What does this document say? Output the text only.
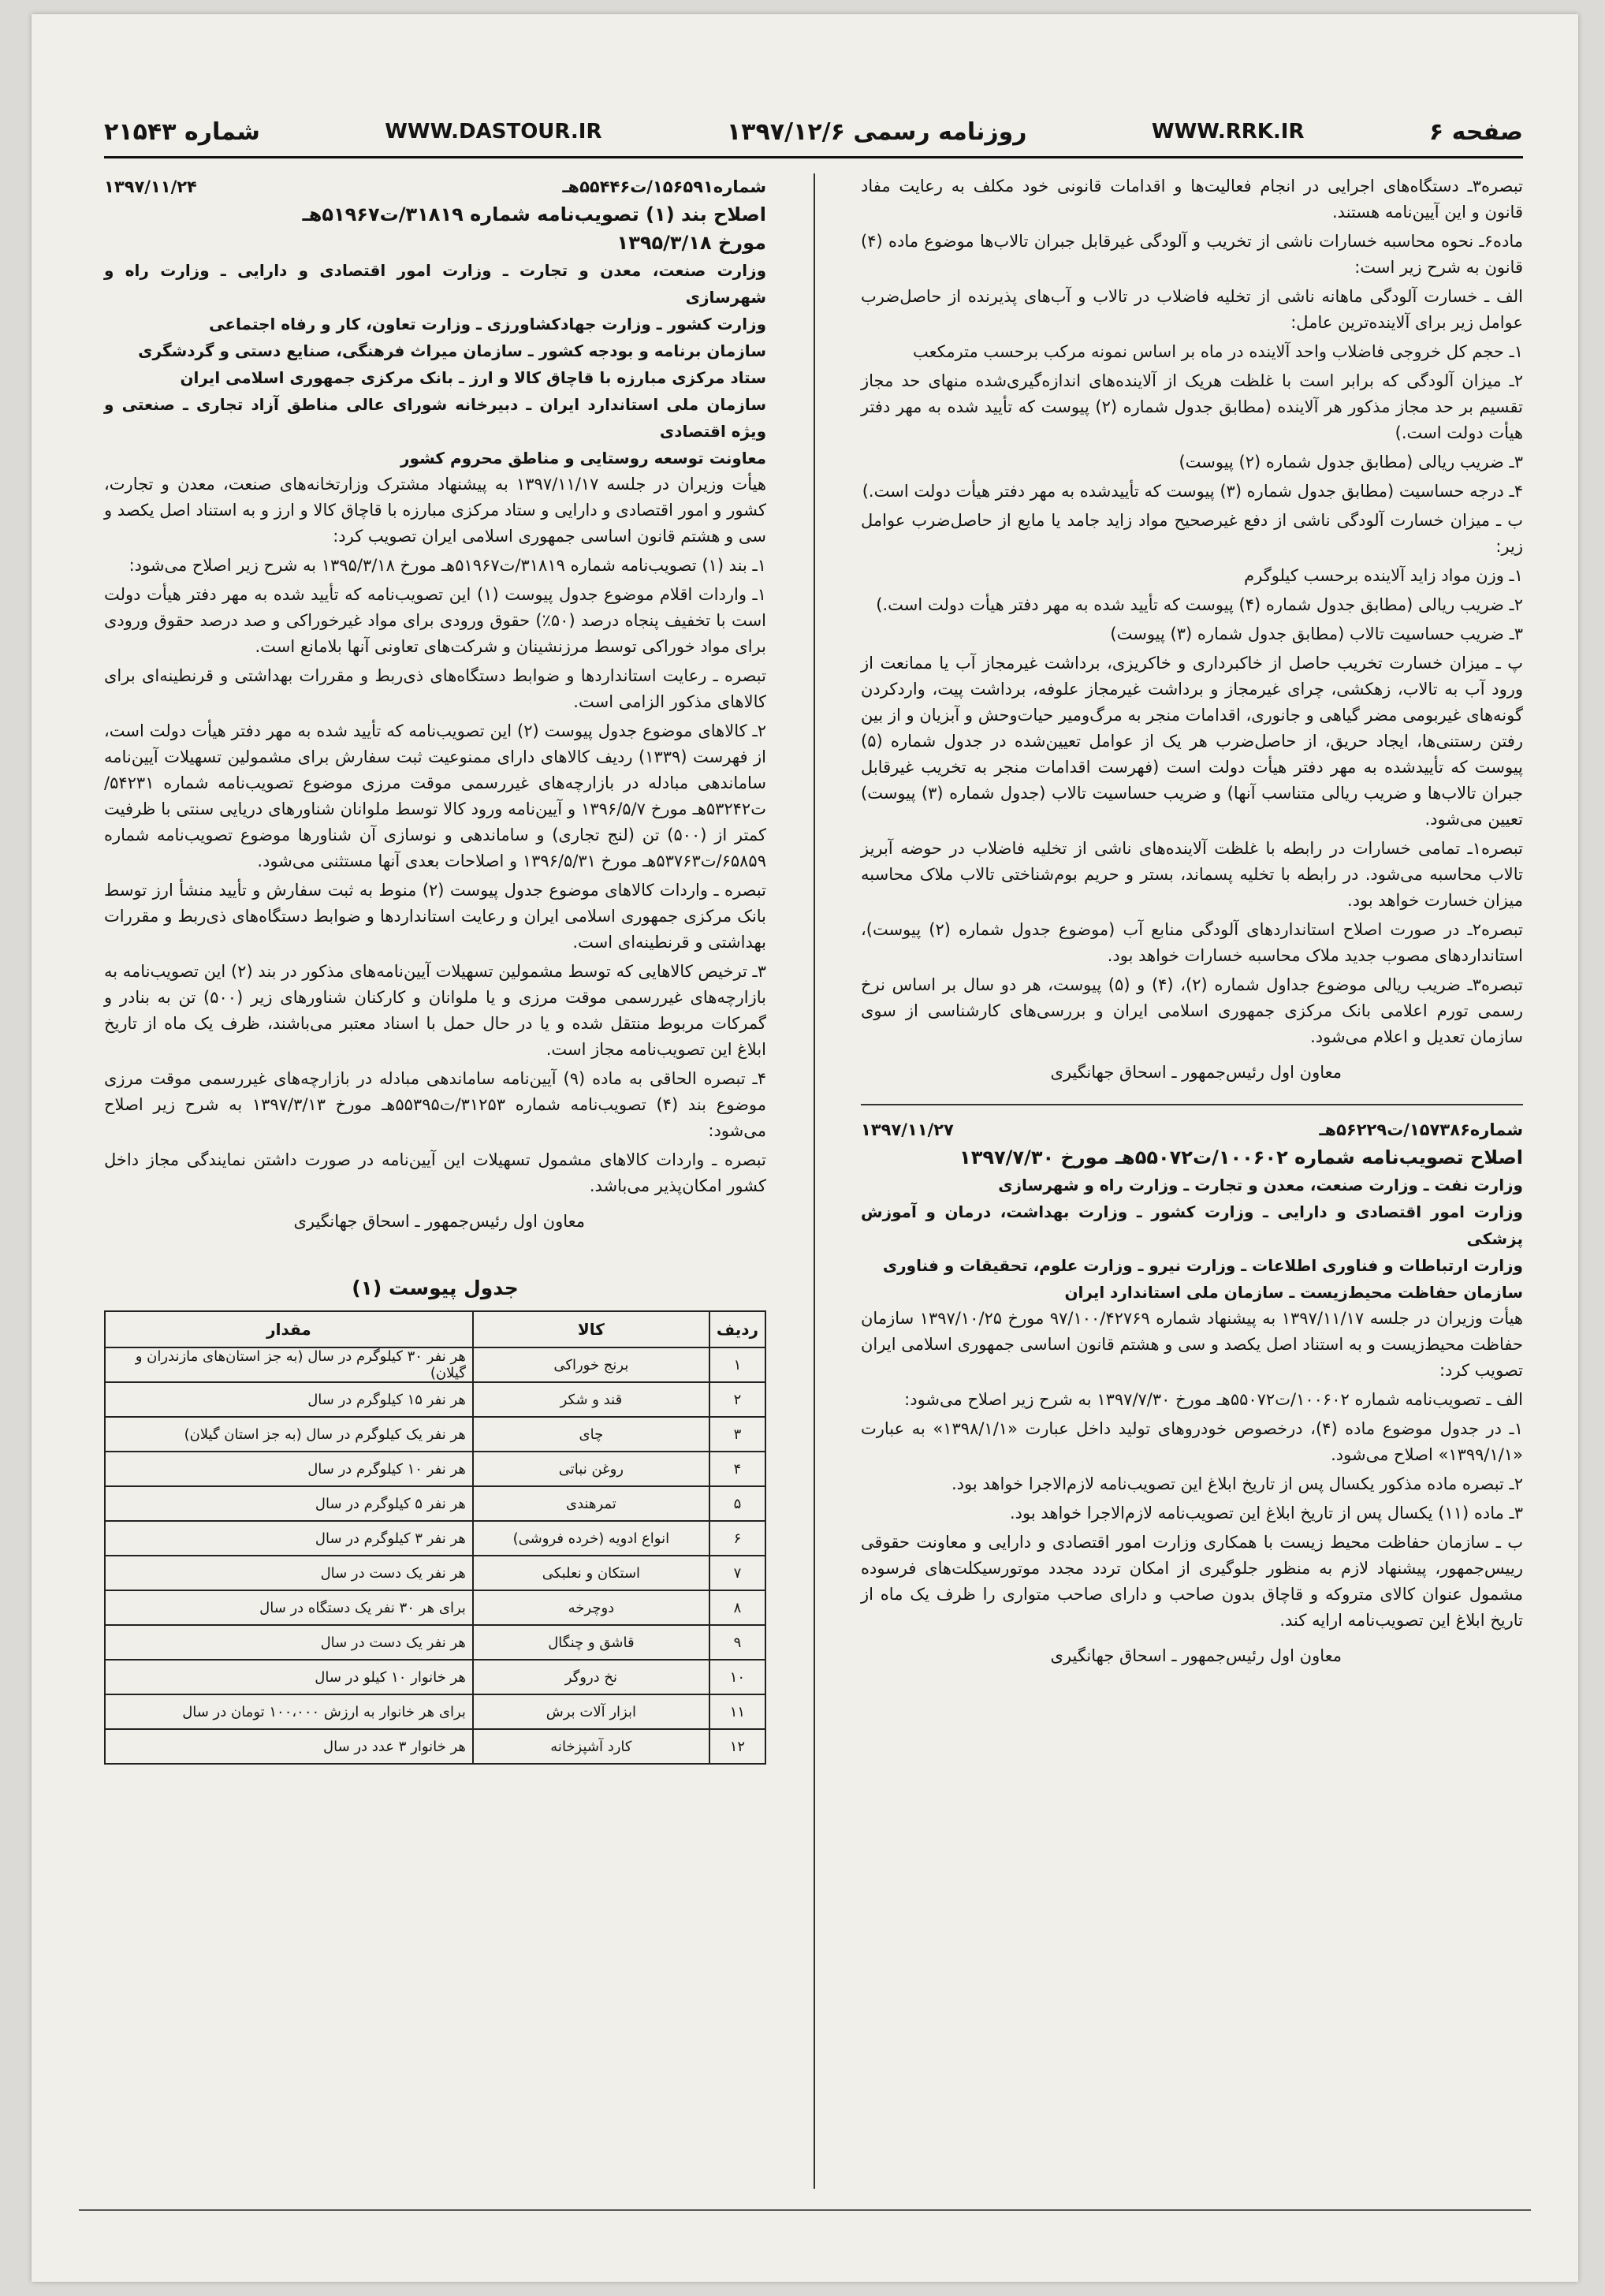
صفحه ۶
WWW.RRK.IR
روزنامه رسمی ۱۳۹۷/۱۲/۶
WWW.DASTOUR.IR
شماره ۲۱۵۴۳

تبصره۳ـ دستگاه‌های اجرایی در انجام فعالیت‌ها و اقدامات قانونی خود مکلف به رعایت مفاد قانون و این آیین‌نامه هستند.

ماده۶ـ نحوه محاسبه خسارات ناشی از تخریب و آلودگی غیرقابل جبران تالاب‌ها موضوع ماده (۴) قانون به شرح زیر است:

الف ـ خسارت آلودگی ماهانه ناشی از تخلیه فاضلاب در تالاب و آب‌های پذیرنده از حاصل‌ضرب عوامل زیر برای آلاینده‌ترین عامل:

۱ـ حجم کل خروجی فاضلاب واحد آلاینده در ماه بر اساس نمونه مرکب برحسب مترمکعب

۲ـ میزان آلودگی که برابر است با غلظت هریک از آلاینده‌های اندازه‌گیری‌شده منهای حد مجاز تقسیم بر حد مجاز مذکور هر آلاینده (مطابق جدول شماره (۲) پیوست که تأیید شده به مهر دفتر هیأت دولت است.)

۳ـ ضریب ریالی (مطابق جدول شماره (۲) پیوست)

۴ـ درجه حساسیت (مطابق جدول شماره (۳) پیوست که تأییدشده به مهر دفتر هیأت دولت است.)

ب ـ میزان خسارت آلودگی ناشی از دفع غیرصحیح مواد زاید جامد یا مایع از حاصل‌ضرب عوامل زیر:

۱ـ وزن مواد زاید آلاینده برحسب کیلوگرم

۲ـ ضریب ریالی (مطابق جدول شماره (۴) پیوست که تأیید شده به مهر دفتر هیأت دولت است.)

۳ـ ضریب حساسیت تالاب (مطابق جدول شماره (۳) پیوست)

پ ـ میزان خسارت تخریب حاصل از خاکبرداری و خاکریزی، برداشت غیرمجاز آب یا ممانعت از ورود آب به تالاب، زهکشی، چرای غیرمجاز و برداشت غیرمجاز علوفه، برداشت پیت، واردکردن گونه‌های غیربومی مضر گیاهی و جانوری، اقدامات منجر به مرگ‌ومیر حیات‌وحش و آبزیان و از بین رفتن رستنی‌ها، ایجاد حریق، از حاصل‌ضرب هر یک از عوامل تعیین‌شده در جدول شماره (۵) پیوست که تأییدشده به مهر دفتر هیأت دولت است (فهرست اقدامات منجر به تخریب غیرقابل جبران تالاب‌ها و ضریب ریالی متناسب آنها) و ضریب حساسیت تالاب (جدول شماره (۳) پیوست) تعیین می‌شود.

تبصره۱ـ تمامی خسارات در رابطه با غلظت آلاینده‌های ناشی از تخلیه فاضلاب در حوضه آبریز تالاب محاسبه می‌شود. در رابطه با تخلیه پسماند، بستر و حریم بوم‌شناختی تالاب ملاک محاسبه میزان خسارت خواهد بود.

تبصره۲ـ در صورت اصلاح استانداردهای آلودگی منابع آب (موضوع جدول شماره (۲) پیوست)، استانداردهای مصوب جدید ملاک محاسبه خسارات خواهد بود.

تبصره۳ـ ضریب ریالی موضوع جداول شماره (۲)، (۴) و (۵) پیوست، هر دو سال بر اساس نرخ رسمی تورم اعلامی بانک مرکزی جمهوری اسلامی ایران و بررسی‌های کارشناسی از سوی سازمان تعدیل و اعلام می‌شود.

معاون اول رئیس‌جمهور ـ اسحاق جهانگیری

شماره۱۵۷۳۸۶/ت۵۶۲۲۹هـ
۱۳۹۷/۱۱/۲۷

اصلاح تصویب‌نامه شماره ۱۰۰۶۰۲/ت۵۵۰۷۲هـ مورخ ۱۳۹۷/۷/۳۰

وزارت نفت ـ وزارت صنعت، معدن و تجارت ـ وزارت راه و شهرسازی

وزارت امور اقتصادی و دارایی ـ وزارت کشور ـ وزارت بهداشت، درمان و آموزش پزشکی

وزارت ارتباطات و فناوری اطلاعات ـ وزارت نیرو ـ وزارت علوم، تحقیقات و فناوری

سازمان حفاظت محیط‌زیست ـ سازمان ملی استاندارد ایران

هیأت وزیران در جلسه ۱۳۹۷/۱۱/۱۷ به پیشنهاد شماره ۹۷/۱۰۰/۴۲۷۶۹ مورخ ۱۳۹۷/۱۰/۲۵ سازمان حفاظت محیط‌زیست و به استناد اصل یکصد و سی و هشتم قانون اساسی جمهوری اسلامی ایران تصویب کرد:

الف ـ تصویب‌نامه شماره ۱۰۰۶۰۲/ت۵۵۰۷۲هـ مورخ ۱۳۹۷/۷/۳۰ به شرح زیر اصلاح می‌شود:

۱ـ در جدول موضوع ماده (۴)، درخصوص خودروهای تولید داخل عبارت «۱۳۹۸/۱/۱» به عبارت «۱۳۹۹/۱/۱» اصلاح می‌شود.

۲ـ تبصره ماده مذکور یکسال پس از تاریخ ابلاغ این تصویب‌نامه لازم‌الاجرا خواهد بود.

۳ـ ماده (۱۱) یکسال پس از تاریخ ابلاغ این تصویب‌نامه لازم‌الاجرا خواهد بود.

ب ـ سازمان حفاظت محیط زیست با همکاری وزارت امور اقتصادی و دارایی و معاونت حقوقی رییس‌جمهور، پیشنهاد لازم به منظور جلوگیری از امکان تردد مجدد موتورسیکلت‌های فرسوده مشمول عنوان کالای متروکه و قاچاق بدون صاحب و دارای صاحب متواری را ظرف یک ماه از تاریخ ابلاغ این تصویب‌نامه ارایه کند.

معاون اول رئیس‌جمهور ـ اسحاق جهانگیری

شماره۱۵۶۵۹۱/ت۵۵۴۴۶هـ
۱۳۹۷/۱۱/۲۴

اصلاح بند (۱) تصویب‌نامه شماره ۳۱۸۱۹/ت۵۱۹۶۷هـ

مورخ ۱۳۹۵/۳/۱۸

وزارت صنعت، معدن و تجارت ـ وزارت امور اقتصادی و دارایی ـ وزارت راه و شهرسازی

وزارت کشور ـ وزارت جهادکشاورزی ـ وزارت تعاون، کار و رفاه اجتماعی

سازمان برنامه و بودجه کشور ـ سازمان میراث فرهنگی، صنایع دستی و گردشگری

ستاد مرکزی مبارزه با قاچاق کالا و ارز ـ بانک مرکزی جمهوری اسلامی ایران

سازمان ملی استاندارد ایران ـ دبیرخانه شورای عالی مناطق آزاد تجاری ـ صنعتی و ویژه اقتصادی

معاونت توسعه روستایی و مناطق محروم کشور

هیأت وزیران در جلسه ۱۳۹۷/۱۱/۱۷ به پیشنهاد مشترک وزارتخانه‌های صنعت، معدن و تجارت، کشور و امور اقتصادی و دارایی و ستاد مرکزی مبارزه با قاچاق کالا و ارز و به استناد اصل یکصد و سی و هشتم قانون اساسی جمهوری اسلامی ایران تصویب کرد:

۱ـ بند (۱) تصویب‌نامه شماره ۳۱۸۱۹/ت۵۱۹۶۷هـ مورخ ۱۳۹۵/۳/۱۸ به شرح زیر اصلاح می‌شود:

۱ـ واردات اقلام موضوع جدول پیوست (۱) این تصویب‌نامه که تأیید شده به مهر دفتر هیأت دولت است با تخفیف پنجاه درصد (۵۰٪) حقوق ورودی برای مواد غیرخوراکی و صد درصد حقوق ورودی برای مواد خوراکی توسط مرزنشینان و شرکت‌های تعاونی آنها بلامانع است.

تبصره ـ رعایت استانداردها و ضوابط دستگاه‌های ذی‌ربط و مقررات بهداشتی و قرنطینه‌ای برای کالاهای مذکور الزامی است.

۲ـ کالاهای موضوع جدول پیوست (۲) این تصویب‌نامه که تأیید شده به مهر دفتر هیأت دولت است، از فهرست (۱۳۳۹) ردیف کالاهای دارای ممنوعیت ثبت سفارش برای مشمولین تسهیلات آیین‌نامه ساماندهی مبادله در بازارچه‌های غیررسمی موقت مرزی موضوع تصویب‌نامه شماره ۵۴۲۳۱/ت۵۳۲۴۲هـ مورخ ۱۳۹۶/۵/۷ و آیین‌نامه ورود کالا توسط ملوانان شناورهای دریایی سنتی با ظرفیت کمتر از (۵۰۰) تن (لنج تجاری) و ساماندهی و نوسازی آن شناورها موضوع تصویب‌نامه شماره ۶۵۸۵۹/ت۵۳۷۶۳هـ مورخ ۱۳۹۶/۵/۳۱ و اصلاحات بعدی آنها مستثنی می‌شود.

تبصره ـ واردات کالاهای موضوع جدول پیوست (۲) منوط به ثبت سفارش و تأیید منشأ ارز توسط بانک مرکزی جمهوری اسلامی ایران و رعایت استانداردها و ضوابط دستگاه‌های ذی‌ربط و مقررات بهداشتی و قرنطینه‌ای است.

۳ـ ترخیص کالاهایی که توسط مشمولین تسهیلات آیین‌نامه‌های مذکور در بند (۲) این تصویب‌نامه به بازارچه‌های غیررسمی موقت مرزی و یا ملوانان و کارکنان شناورهای زیر (۵۰۰) تن به بنادر و گمرکات مربوط منتقل شده و یا در حال حمل با اسناد معتبر می‌باشند، ظرف یک ماه از تاریخ ابلاغ این تصویب‌نامه مجاز است.

۴ـ تبصره الحاقی به ماده (۹) آیین‌نامه ساماندهی مبادله در بازارچه‌های غیررسمی موقت مرزی موضوع بند (۴) تصویب‌نامه شماره ۳۱۲۵۳/ت۵۵۳۹۵هـ مورخ ۱۳۹۷/۳/۱۳ به شرح زیر اصلاح می‌شود:

تبصره ـ واردات کالاهای مشمول تسهیلات این آیین‌نامه در صورت داشتن نمایندگی مجاز داخل کشور امکان‌پذیر می‌باشد.

معاون اول رئیس‌جمهور ـ اسحاق جهانگیری

جدول پیوست (۱)
ردیف	کالا	مقدار
۱	برنج خوراکی	هر نفر ۳۰ کیلوگرم در سال (به جز استان‌های مازندران و گیلان)
۲	قند و شکر	هر نفر ۱۵ کیلوگرم در سال
۳	چای	هر نفر یک کیلوگرم در سال (به جز استان گیلان)
۴	روغن نباتی	هر نفر ۱۰ کیلوگرم در سال
۵	تمرهندی	هر نفر ۵ کیلوگرم در سال
۶	انواع ادویه (خرده فروشی)	هر نفر ۳ کیلوگرم در سال
۷	استکان و نعلبکی	هر نفر یک دست در سال
۸	دوچرخه	برای هر ۳۰ نفر یک دستگاه در سال
۹	قاشق و چنگال	هر نفر یک دست در سال
۱۰	نخ دروگر	هر خانوار ۱۰ کیلو در سال
۱۱	ابزار آلات برش	برای هر خانوار به ارزش ۱۰۰،۰۰۰ تومان در سال
۱۲	کارد آشپزخانه	هر خانوار ۳ عدد در سال
